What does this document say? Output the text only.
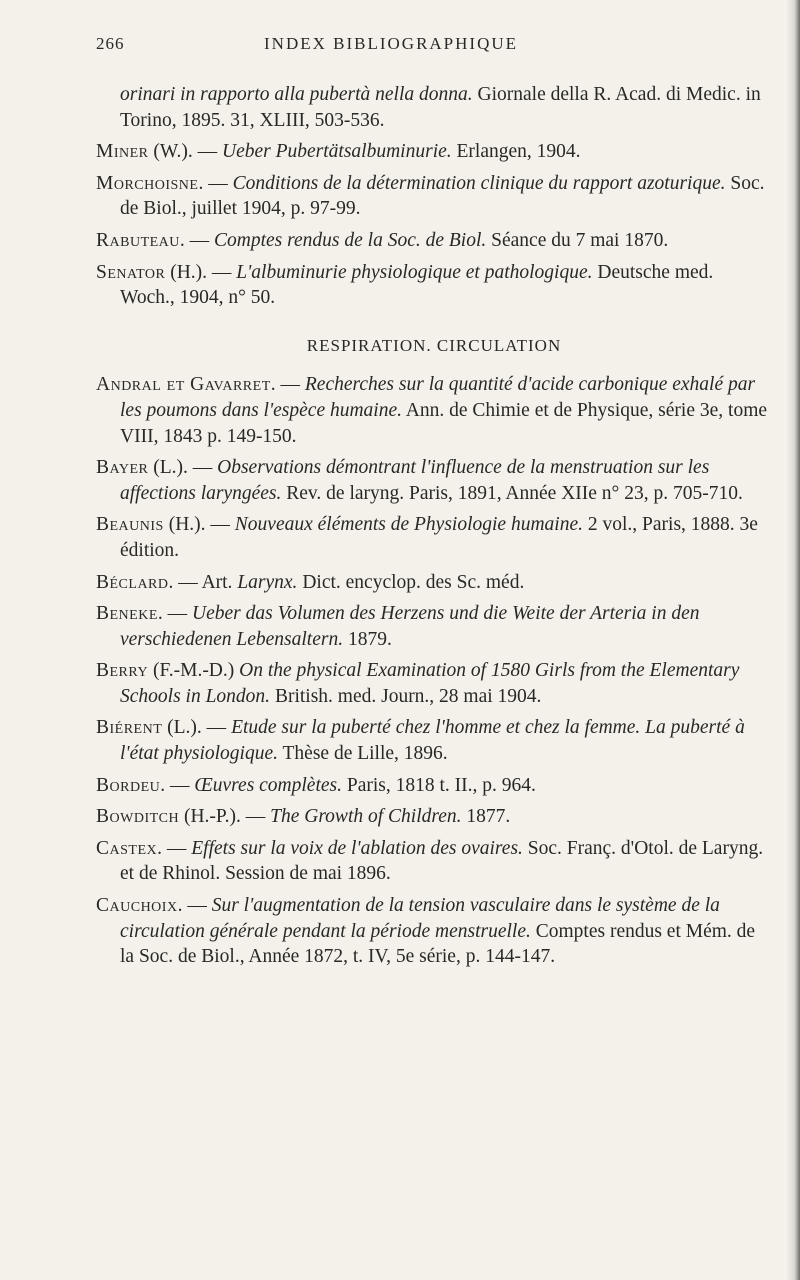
266	INDEX BIBLIOGRAPHIQUE

orinari in rapporto alla pubertà nella donna. Giornale della R. Acad. di Medic. in Torino, 1895. 31, XLIII, 503-536.

Miner (W.). — Ueber Pubertätsalbuminurie. Erlangen, 1904.

Morchoisne. — Conditions de la détermination clinique du rapport azoturique. Soc. de Biol., juillet 1904, p. 97-99.

Rabuteau. — Comptes rendus de la Soc. de Biol. Séance du 7 mai 1870.

Senator (H.). — L'albuminurie physiologique et pathologique. Deutsche med. Woch., 1904, n° 50.

RESPIRATION. CIRCULATION

Andral et Gavarret. — Recherches sur la quantité d'acide carbonique exhalé par les poumons dans l'espèce humaine. Ann. de Chimie et de Physique, série 3e, tome VIII, 1843 p. 149-150.

Bayer (L.). — Observations démontrant l'influence de la menstruation sur les affections laryngées. Rev. de laryng. Paris, 1891, Année XIIe n° 23, p. 705-710.

Beaunis (H.). — Nouveaux éléments de Physiologie humaine. 2 vol., Paris, 1888. 3e édition.

Béclard. — Art. Larynx. Dict. encyclop. des Sc. méd.

Beneke. — Ueber das Volumen des Herzens und die Weite der Arteria in den verschiedenen Lebensaltern. 1879.

Berry (F.-M.-D.) On the physical Examination of 1580 Girls from the Elementary Schools in London. British. med. Journ., 28 mai 1904.

Biérent (L.). — Etude sur la puberté chez l'homme et chez la femme. La puberté à l'état physiologique. Thèse de Lille, 1896.

Bordeu. — Œuvres complètes. Paris, 1818 t. II., p. 964.

Bowditch (H.-P.). — The Growth of Children. 1877.

Castex. — Effets sur la voix de l'ablation des ovaires. Soc. Franç. d'Otol. de Laryng. et de Rhinol. Session de mai 1896.

Cauchoix. — Sur l'augmentation de la tension vasculaire dans le système de la circulation générale pendant la période menstruelle. Comptes rendus et Mém. de la Soc. de Biol., Année 1872, t. IV, 5e série, p. 144-147.
